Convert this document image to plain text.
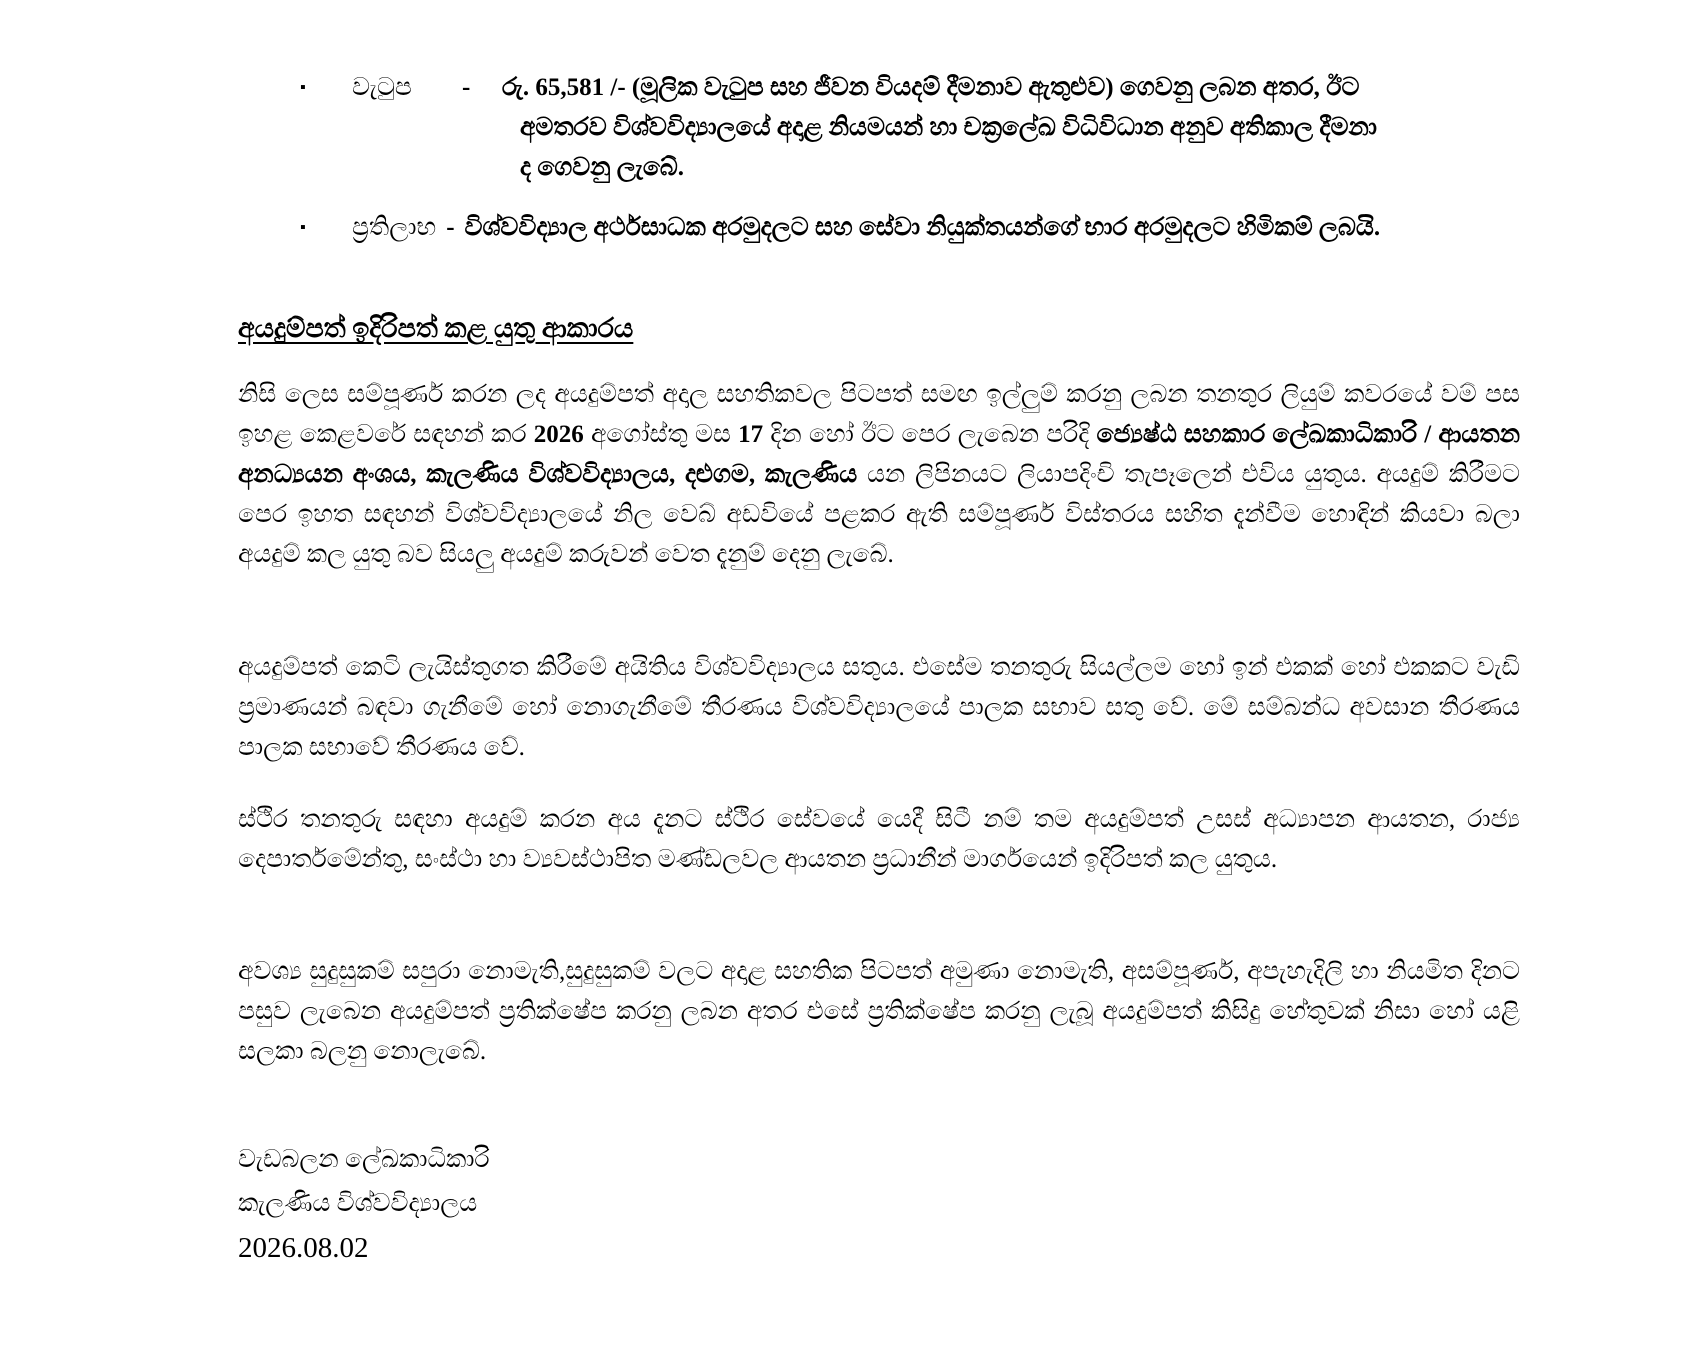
▪ වැටුප - රු. 65,581 /- (මූලික වැටුප සහ ජීවන වියදම් දීමනාව ඇතුළුව) ගෙවනු ලබන අතර, ඊට
අමතරව විශ්වවිද්‍යාලයේ අදාළ නියමයන් හා චක්‍රලේඛ විධිවිධාන අනුව අතිකාල දීමනා
ද ගෙවනු ලැබේ.
▪ ප්‍රතිලාභ - විශ්වවිද්‍යාල අර්ථසාධක අරමුදලට සහ සේවා නියුක්තයන්ගේ භාර අරමුදලට හිමිකම් ලබයි.
අයදුම්පත් ඉදිරිපත් කළ යුතු ආකාරය
නිසි ලෙස සම්පූර්ණ කරන ලද අයදුම්පත් අදාල සහතිකවල පිටපත් සමඟ ඉල්ලුම් කරනු ලබන තනතුර ලියුම් කවරයේ වම් පස ඉහළ කෙළවරේ සඳහන් කර 2026 අගෝස්තු මස 17 දින හෝ ඊට පෙර ලැබෙන පරිදි ජ්‍යෙෂ්ඨ සහකාර ලේඛකාධිකාරි / ආයතන අනධ්‍යයන අංශය, කැලණිය විශ්වවිද්‍යාලය, දළුගම, කැලණිය යන ලිපිනයට ලියාපදිංචි තැපෑලෙන් එවිය යුතුය. අයදුම් කිරීමට පෙර ඉහත සඳහන් විශ්වවිද්‍යාලයේ නිල වෙබ් අඩවියේ පළකර ඇති සම්පූර්ණ විස්තරය සහිත දැන්වීම හොඳින් කියවා බලා අයදුම් කල යුතු බව සියලු අයදුම් කරුවන් වෙත දැනුම් දෙනු ලැබේ.
අයදුම්පත් කෙටි ලැයිස්තුගත කිරීමේ අයිතිය විශ්වවිද්‍යාලය සතුය. එසේම තනතුරු සියල්ලම හෝ ඉන් එකක් හෝ එකකට වැඩි ප්‍රමාණයන් බඳවා ගැනීමේ හෝ නොගැනීමේ තීරණය විශ්වවිද්‍යාලයේ පාලක සභාව සතු වේ. මේ සම්බන්ධ අවසාන තීරණය පාලක සභාවේ තීරණය වේ.
ස්ථිර තනතුරු සඳහා අයදුම් කරන අය දැනට ස්ථිර සේවයේ යෙදී සිටී නම් තම අයදුම්පත් උසස් අධ්‍යාපන ආයතන, රාජ්‍ය දෙපාර්තමේන්තු, සංස්ථා හා ව්‍යවස්ථාපිත මණ්ඩලවල ආයතන ප්‍රධානීන් මාර්ගයෙන් ඉදිරිපත් කල යුතුය.
අවශ්‍ය සුදුසුකම් සපුරා නොමැති,සුදුසුකම් වලට අදාළ සහතික පිටපත් අමුණා නොමැති, අසම්පූර්ණ, අපැහැදිලි හා නියමිත දිනට පසුව ලැබෙන අයදුම්පත් ප්‍රතික්ෂේප කරනු ලබන අතර එසේ ප්‍රතික්ෂේප කරනු ලැබූ අයදුම්පත් කිසිදු හේතුවක් නිසා හෝ යළි සලකා බලනු නොලැබේ.
වැඩබලන ලේඛකාධිකාරි
කැලණිය විශ්වවිද්‍යාලය
2026.08.02
